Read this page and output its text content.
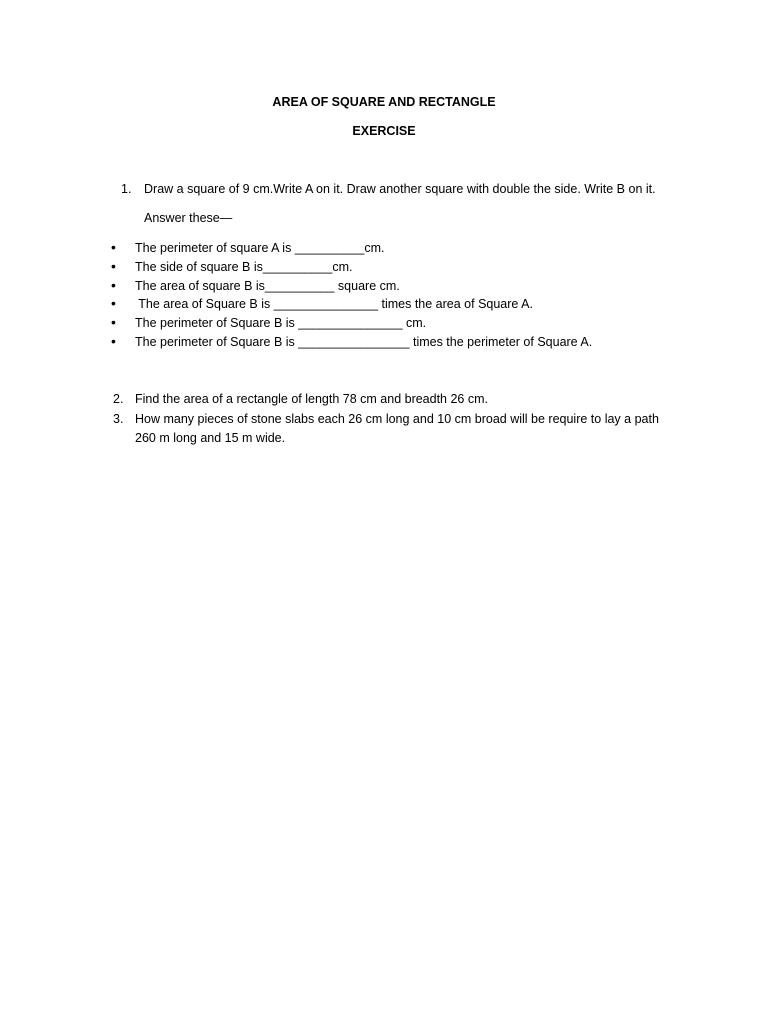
AREA OF SQUARE AND RECTANGLE
EXERCISE
1. Draw a square of 9 cm.Write A on it. Draw another square with double the side. Write B on it.
Answer these—
• The perimeter of square A is __________cm.
• The side of square B is__________cm.
• The area of square B is__________ square cm.
• The area of Square B is _______________ times the area of Square A.
• The perimeter of Square B is _______________ cm.
• The perimeter of Square B is ________________ times the perimeter of Square A.
2. Find the area of a rectangle of length 78 cm and breadth 26 cm.
3. How many pieces of stone slabs each 26 cm long and 10 cm broad will be require to lay a path
260 m long and 15 m wide.
